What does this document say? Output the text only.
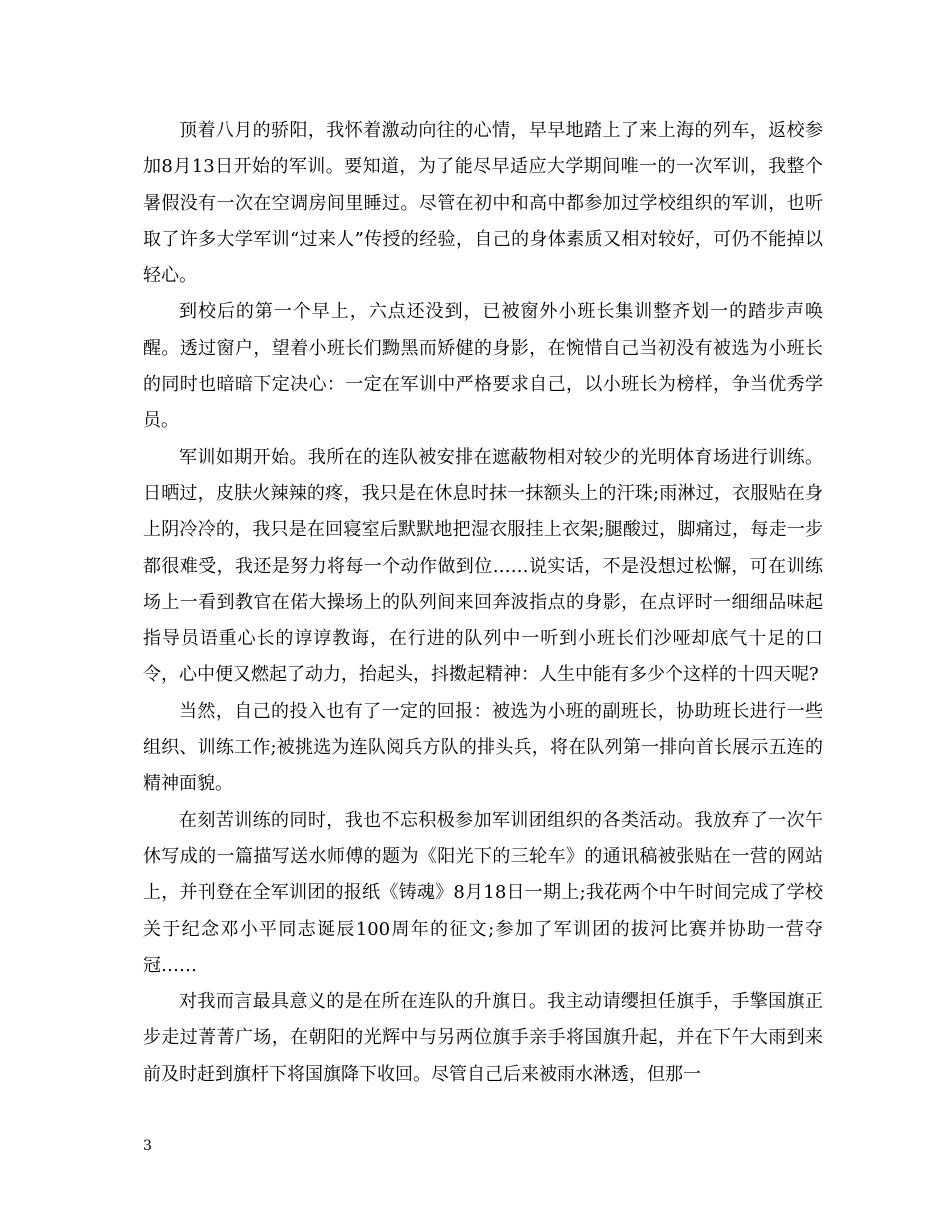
顶着八月的骄阳，我怀着激动向往的心情，早早地踏上了来上海的列车，返校参加8月13日开始的军训。要知道，为了能尽早适应大学期间唯一的一次军训，我整个暑假没有一次在空调房间里睡过。尽管在初中和高中都参加过学校组织的军训，也听取了许多大学军训“过来人”传授的经验，自己的身体素质又相对较好，可仍不能掉以轻心。

到校后的第一个早上，六点还没到，已被窗外小班长集训整齐划一的踏步声唤醒。透过窗户，望着小班长们黝黑而矫健的身影，在惋惜自己当初没有被选为小班长的同时也暗暗下定决心：一定在军训中严格要求自己，以小班长为榜样，争当优秀学员。

军训如期开始。我所在的连队被安排在遮蔽物相对较少的光明体育场进行训练。日晒过，皮肤火辣辣的疼，我只是在休息时抹一抹额头上的汗珠;雨淋过，衣服贴在身上阴冷冷的，我只是在回寝室后默默地把湿衣服挂上衣架;腿酸过，脚痛过，每走一步都很难受，我还是努力将每一个动作做到位……说实话，不是没想过松懈，可在训练场上一看到教官在偌大操场上的队列间来回奔波指点的身影，在点评时一细细品味起指导员语重心长的谆谆教诲，在行进的队列中一听到小班长们沙哑却底气十足的口令，心中便又燃起了动力，抬起头，抖擞起精神：人生中能有多少个这样的十四天呢?

当然，自己的投入也有了一定的回报：被选为小班的副班长，协助班长进行一些组织、训练工作;被挑选为连队阅兵方队的排头兵，将在队列第一排向首长展示五连的精神面貌。

在刻苦训练的同时，我也不忘积极参加军训团组织的各类活动。我放弃了一次午休写成的一篇描写送水师傅的题为《阳光下的三轮车》的通讯稿被张贴在一营的网站上，并刊登在全军训团的报纸《铸魂》8月18日一期上;我花两个中午时间完成了学校关于纪念邓小平同志诞辰100周年的征文;参加了军训团的拔河比赛并协助一营夺冠……

对我而言最具意义的是在所在连队的升旗日。我主动请缨担任旗手，手擎国旗正步走过菁菁广场，在朝阳的光辉中与另两位旗手亲手将国旗升起，并在下午大雨到来前及时赶到旗杆下将国旗降下收回。尽管自己后来被雨水淋透，但那一

3
